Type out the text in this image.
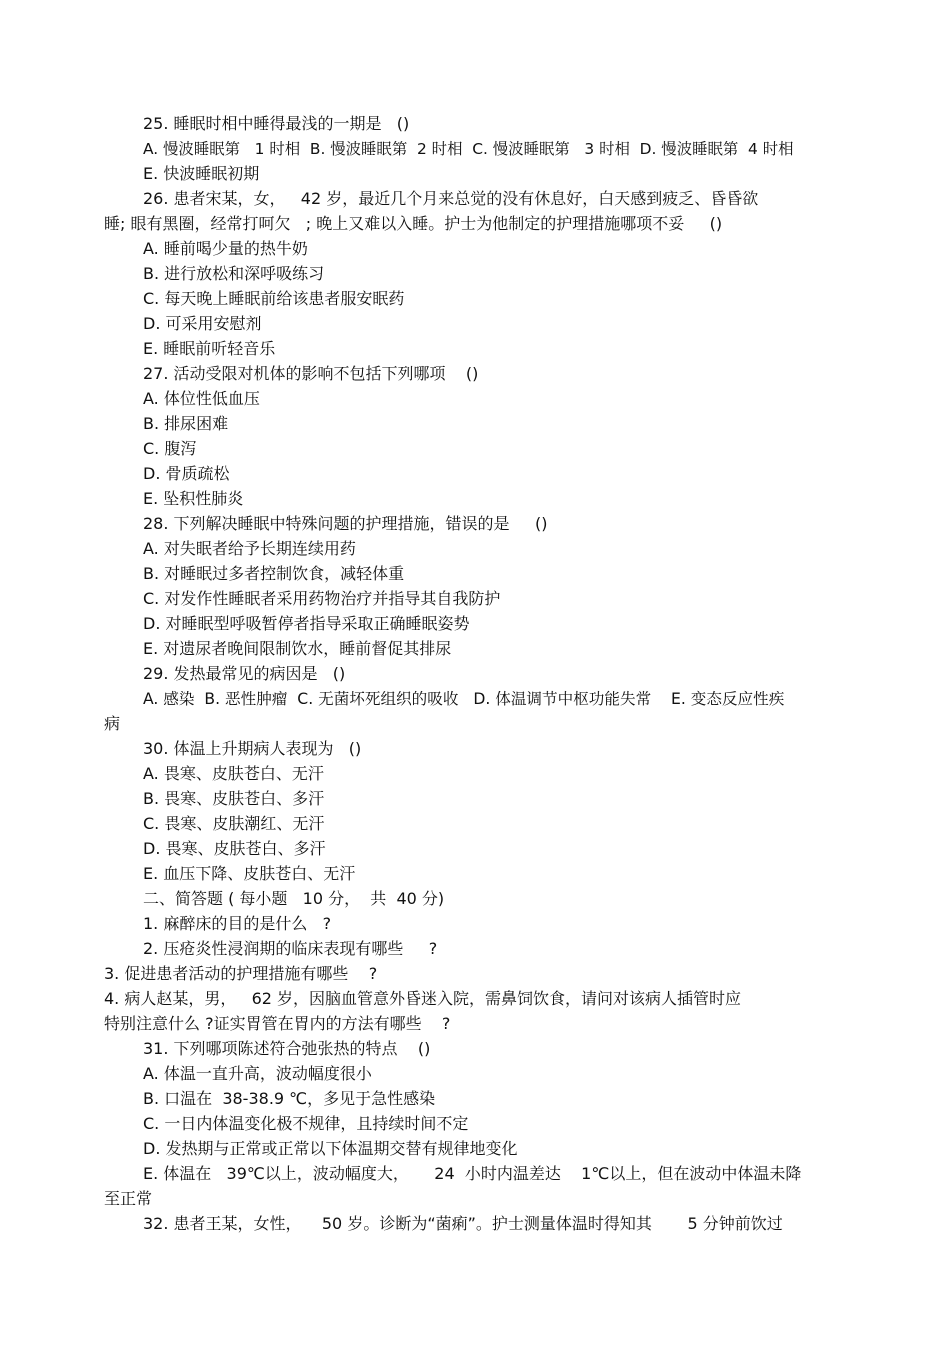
25. 睡眠时相中睡得最浅的一期是   ()
A. 慢波睡眠第   1 时相  B. 慢波睡眠第  2 时相  C. 慢波睡眠第   3 时相  D. 慢波睡眠第  4 时相
E. 快波睡眠初期
26. 患者宋某，女，   42 岁，最近几个月来总觉的没有休息好，白天感到疲乏、昏昏欲
睡; 眼有黑圈，经常打呵欠   ; 晚上又难以入睡。护士为他制定的护理措施哪项不妥     ()
A. 睡前喝少量的热牛奶
B. 进行放松和深呼吸练习
C. 每天晚上睡眠前给该患者服安眠药
D. 可采用安慰剂
E. 睡眠前听轻音乐
27. 活动受限对机体的影响不包括下列哪项    ()
A. 体位性低血压
B. 排尿困难
C. 腹泻
D. 骨质疏松
E. 坠积性肺炎
28. 下列解决睡眠中特殊问题的护理措施，错误的是     ()
A. 对失眠者给予长期连续用药
B. 对睡眠过多者控制饮食，减轻体重
C. 对发作性睡眠者采用药物治疗并指导其自我防护
D. 对睡眠型呼吸暂停者指导采取正确睡眠姿势
E. 对遗尿者晚间限制饮水，睡前督促其排尿
29. 发热最常见的病因是   ()
A. 感染  B. 恶性肿瘤  C. 无菌坏死组织的吸收   D. 体温调节中枢功能失常    E. 变态反应性疾
病
30. 体温上升期病人表现为   ()
A. 畏寒、皮肤苍白、无汗
B. 畏寒、皮肤苍白、多汗
C. 畏寒、皮肤潮红、无汗
D. 畏寒、皮肤苍白、多汗
E. 血压下降、皮肤苍白、无汗
二、简答题 ( 每小题   10 分，  共  40 分)
1. 麻醉床的目的是什么   ?
2. 压疮炎性浸润期的临床表现有哪些     ?
3. 促进患者活动的护理措施有哪些    ?
4. 病人赵某，男，   62 岁，因脑血管意外昏迷入院，需鼻饲饮食，请问对该病人插管时应
特别注意什么 ?证实胃管在胃内的方法有哪些    ?
31. 下列哪项陈述符合弛张热的特点    ()
A. 体温一直升高，波动幅度很小
B. 口温在  38-38.9 ℃，多见于急性感染
C. 一日内体温变化极不规律，且持续时间不定
D. 发热期与正常或正常以下体温期交替有规律地变化
E. 体温在   39℃以上，波动幅度大，     24  小时内温差达    1℃以上，但在波动中体温未降
至正常
32. 患者王某，女性，    50 岁。诊断为“菌痢”。护士测量体温时得知其       5 分钟前饮过
